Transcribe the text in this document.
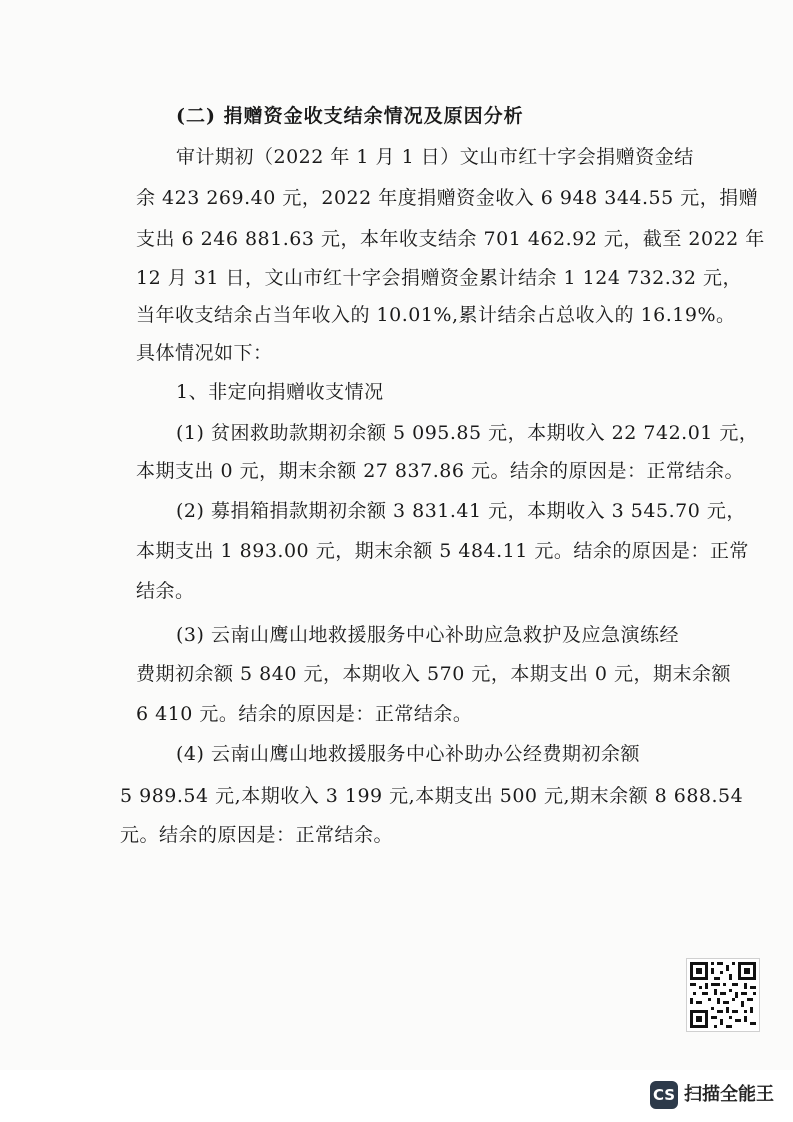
(二) 捐赠资金收支结余情况及原因分析
审计期初（2022 年 1 月 1 日）文山市红十字会捐赠资金结
余 423 269.40 元，2022 年度捐赠资金收入 6 948 344.55 元，捐赠
支出 6 246 881.63 元，本年收支结余 701 462.92 元，截至 2022 年
12 月 31 日，文山市红十字会捐赠资金累计结余 1 124 732.32 元，
当年收支结余占当年收入的 10.01%,累计结余占总收入的 16.19%。
具体情况如下：
1、非定向捐赠收支情况
(1) 贫困救助款期初余额 5 095.85 元，本期收入 22 742.01 元，
本期支出 0 元，期末余额 27 837.86 元。结余的原因是：正常结余。
(2) 募捐箱捐款期初余额 3 831.41 元，本期收入 3 545.70 元，
本期支出 1 893.00 元，期末余额 5 484.11 元。结余的原因是：正常
结余。
(3) 云南山鹰山地救援服务中心补助应急救护及应急演练经
费期初余额 5 840 元，本期收入 570 元，本期支出 0 元，期末余额
6 410 元。结余的原因是：正常结余。
(4) 云南山鹰山地救援服务中心补助办公经费期初余额
5 989.54 元,本期收入 3 199 元,本期支出 500 元,期末余额 8 688.54
元。结余的原因是：正常结余。
CS 扫描全能王
